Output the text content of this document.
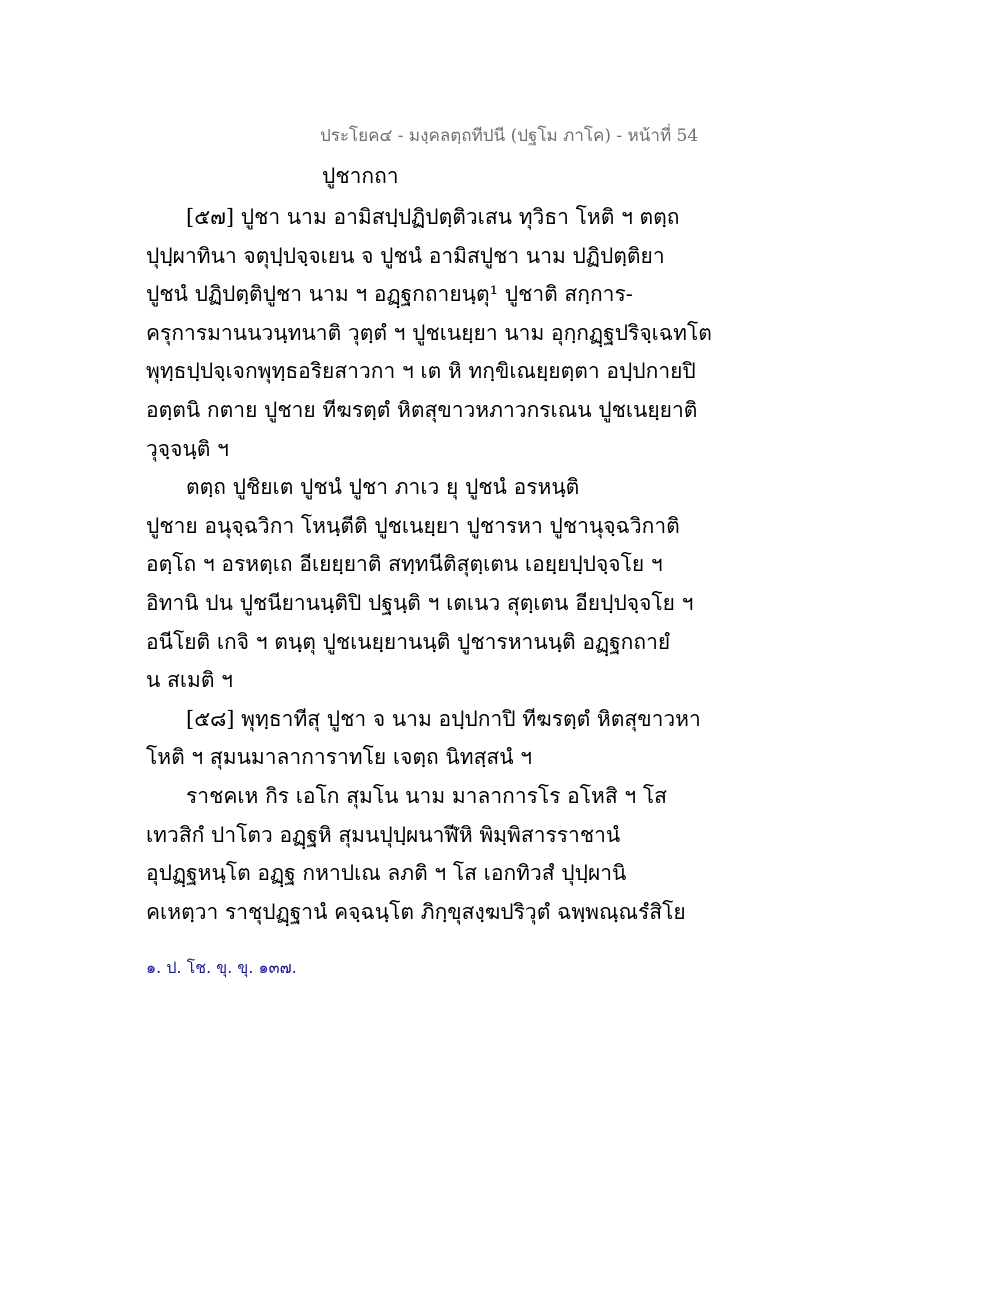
ประโยค๔ - มงฺคลตฺถทีปนี (ปฐโม ภาโค) - หน้าที่ 54
ปูชากถา
[๕๗] ปูชา นาม อามิสปฺปฏิปตฺติวเสน ทุวิธา โหติ ฯ ตตฺถ
ปุปฺผาทินา จตุปฺปจฺจเยน จ ปูชนํ อามิสปูชา นาม ปฏิปตฺติยา
ปูชนํ ปฏิปตฺติปูชา นาม ฯ อฏฺฐกถายนฺตุ¹ ปูชาติ สกฺการ-
ครุการมานนวนฺทนาติ วุตฺตํ ฯ ปูชเนยฺยา นาม อุกฺกฏฺฐปริจฺเฉทโต
พุทฺธปฺปจฺเจกพุทฺธอริยสาวกา ฯ เต หิ ทกฺขิเณยฺยตฺตา อปฺปกายปิ
อตฺตนิ กตาย ปูชาย ทีฆรตฺตํ หิตสุขาวหภาวกรเณน ปูชเนยฺยาติ
วุจฺจนฺติ ฯ
ตตฺถ ปูชิยเต ปูชนํ ปูชา ภาเว ยุ ปูชนํ อรหนฺติ
ปูชาย อนุจฺฉวิกา โหนฺตีติ ปูชเนยฺยา ปูชารหา ปูชานุจฺฉวิกาติ
อตฺโถ ฯ อรหตฺเถ อีเยยฺยาติ สทฺทนีติสุตฺเตน เอยฺยปฺปจฺจโย ฯ
อิทานิ ปน ปูชนียานนฺติปิ ปฐนฺติ ฯ เตเนว สุตฺเตน อียปฺปจฺจโย ฯ
อนีโยติ เกจิ ฯ ตนฺตุ ปูชเนยฺยานนฺติ ปูชารหานนฺติ อฏฺฐกถายํ
น สเมติ ฯ
[๕๘] พุทฺธาทีสุ ปูชา จ นาม อปฺปกาปิ ทีฆรตฺตํ หิตสุขาวหา
โหติ ฯ สุมนมาลาการาทโย เจตฺถ นิทสฺสนํ ฯ
ราชคเห กิร เอโก สุมโน นาม มาลาการโร อโหสิ ฯ โส
เทวสิกํ ปาโตว อฏฺฐหิ สุมนปุปฺผนาฬีหิ พิมฺพิสารราชานํ
อุปฏฺฐหนฺโต อฏฺฐ กหาปเณ ลภติ ฯ โส เอกทิวสํ ปุปฺผานิ
คเหตฺวา ราชุปฏฺฐานํ คจฺฉนฺโต ภิกฺขุสงฺฆปริวุตํ ฉพฺพณฺณรํสิโย
๑. ป. โช. ขุ. ขุ. ๑๓๗.
